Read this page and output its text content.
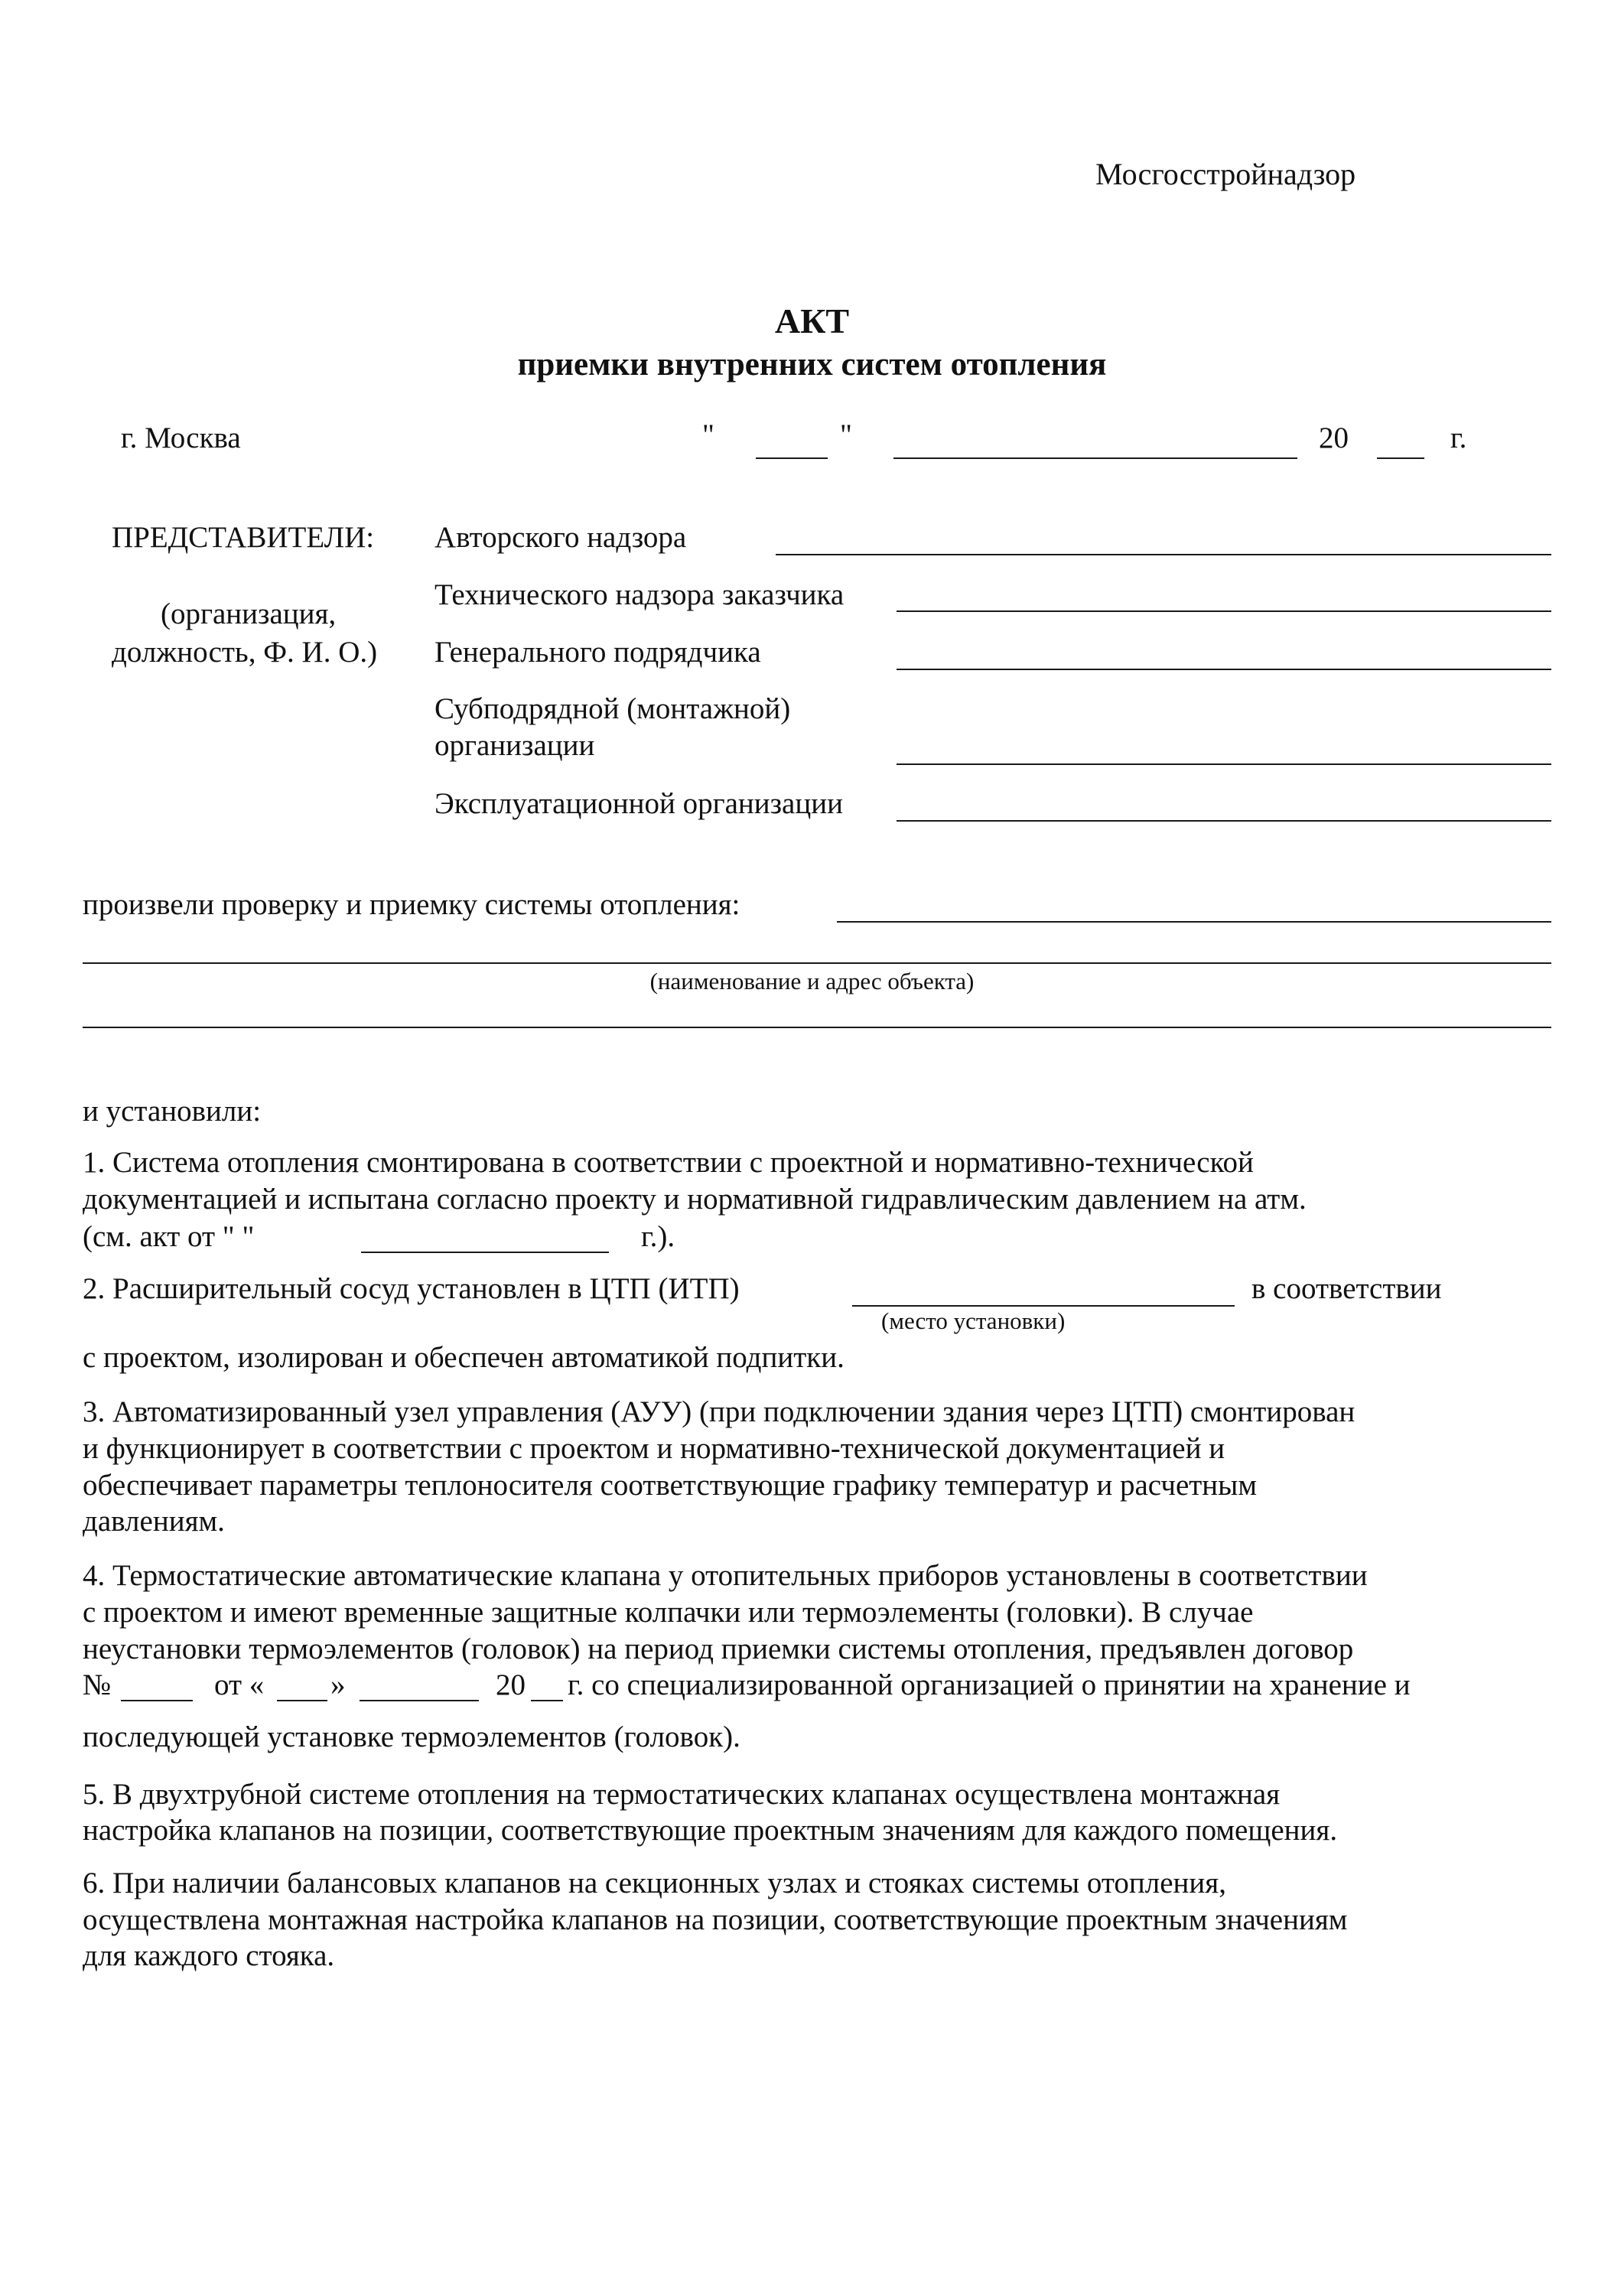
Мосгосстройнадзор
АКТ
приемки внутренних систем отопления
г. Москва	"	"	20	г.
ПРЕДСТАВИТЕЛИ:
(организация,
должность, Ф. И. О.)
Авторского надзора
Технического надзора заказчика
Генерального подрядчика
Субподрядной (монтажной)
организации
Эксплуатационной организации
произвели проверку и приемку системы отопления:
(наименование и адрес объекта)
и установили:
1. Система отопления смонтирована в соответствии с проектной и нормативно-технической
документацией и испытана согласно проекту и нормативной гидравлическим давлением на атм.
(см. акт от " "	г.).
2. Расширительный сосуд установлен в ЦТП (ИТП)	в соответствии
(место установки)
с проектом, изолирован и обеспечен автоматикой подпитки.
3. Автоматизированный узел управления (АУУ) (при подключении здания через ЦТП) смонтирован
и функционирует в соответствии с проектом и нормативно-технической документацией и
обеспечивает параметры теплоносителя соответствующие графику температур и расчетным
давлениям.
4. Термостатические автоматические клапана у отопительных приборов установлены в соответствии
с проектом и имеют временные защитные колпачки или термоэлементы (головки). В случае
неустановки термоэлементов (головок) на период приемки системы отопления, предъявлен договор
№	от « »	20 г. со специализированной организацией о принятии на хранение и
последующей установке термоэлементов (головок).
5. В двухтрубной системе отопления на термостатических клапанах осуществлена монтажная
настройка клапанов на позиции, соответствующие проектным значениям для каждого помещения.
6. При наличии балансовых клапанов на секционных узлах и стояках системы отопления,
осуществлена монтажная настройка клапанов на позиции, соответствующие проектным значениям
для каждого стояка.
